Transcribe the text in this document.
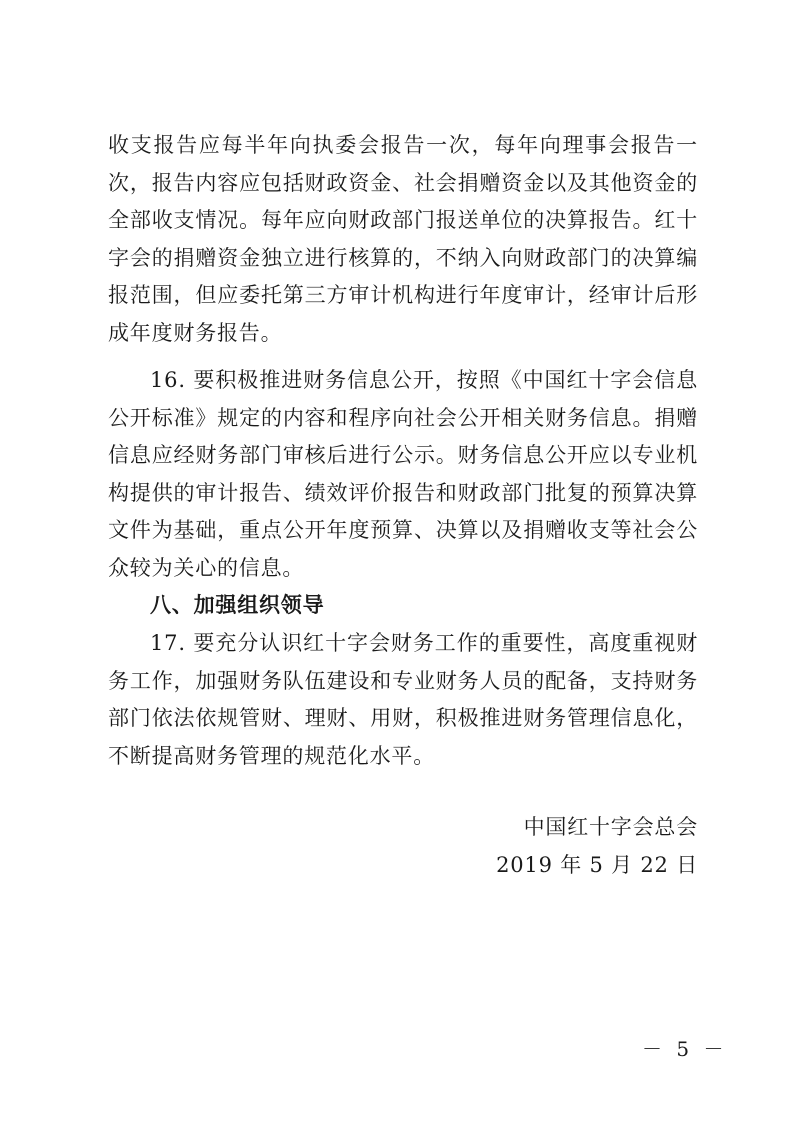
收支报告应每半年向执委会报告一次，每年向理事会报告一次，报告内容应包括财政资金、社会捐赠资金以及其他资金的全部收支情况。每年应向财政部门报送单位的决算报告。红十字会的捐赠资金独立进行核算的，不纳入向财政部门的决算编报范围，但应委托第三方审计机构进行年度审计，经审计后形成年度财务报告。
16. 要积极推进财务信息公开，按照《中国红十字会信息公开标准》规定的内容和程序向社会公开相关财务信息。捐赠信息应经财务部门审核后进行公示。财务信息公开应以专业机构提供的审计报告、绩效评价报告和财政部门批复的预算决算文件为基础，重点公开年度预算、决算以及捐赠收支等社会公众较为关心的信息。
八、加强组织领导
17. 要充分认识红十字会财务工作的重要性，高度重视财务工作，加强财务队伍建设和专业财务人员的配备，支持财务部门依法依规管财、理财、用财，积极推进财务管理信息化，不断提高财务管理的规范化水平。
中国红十字会总会
2019 年 5 月 22 日
－ 5 －
